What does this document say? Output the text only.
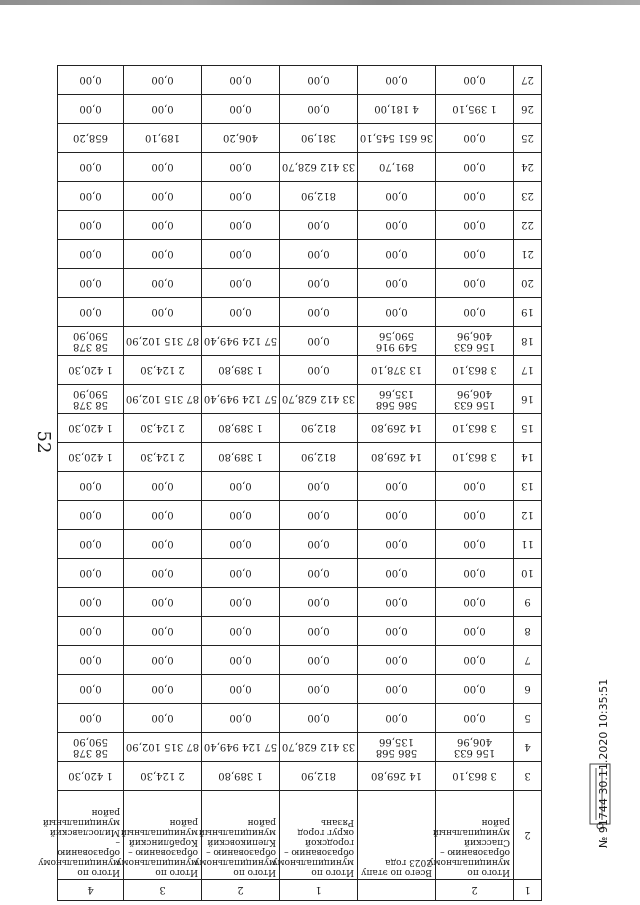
52
1	2		1	2	3	4
2	Итого по муниципальному образованию – Спасский муниципальный район	Всего по этапу 2023 года	Итого по муниципальному образованию – городской округ город Рязань	Итого по муниципальному образованию – Клепиковский муниципальный район	Итого по муниципальному образованию – Кораблинский муниципальный район	Итого по муниципальному образованию – Милославский муниципальный район
3	3 863,10	14 269,80	812,90	1 389,80	2 124,30	1 420,30
4	156 633 406,96	586 568 135,66	33 412 628,70	57 124 949,40	87 315 102,90	58 378 590,90
5	0,00	0,00	0,00	0,00	0,00	0,00
6	0,00	0,00	0,00	0,00	0,00	0,00
7	0,00	0,00	0,00	0,00	0,00	0,00
8	0,00	0,00	0,00	0,00	0,00	0,00
9	0,00	0,00	0,00	0,00	0,00	0,00
10	0,00	0,00	0,00	0,00	0,00	0,00
11	0,00	0,00	0,00	0,00	0,00	0,00
12	0,00	0,00	0,00	0,00	0,00	0,00
13	0,00	0,00	0,00	0,00	0,00	0,00
14	3 863,10	14 269,80	812,90	1 389,80	2 124,30	1 420,30
15	3 863,10	14 269,80	812,90	1 389,80	2 124,30	1 420,30
16	156 633 406,96	586 568 135,66	33 412 628,70	57 124 949,40	87 315 102,90	58 378 590,90
17	3 863,10	13 378,10	0,00	1 389,80	2 124,30	1 420,30
18	156 633 406,96	549 916 590,56	0,00	57 124 949,40	87 315 102,90	58 378 590,90
19	0,00	0,00	0,00	0,00	0,00	0,00
20	0,00	0,00	0,00	0,00	0,00	0,00
21	0,00	0,00	0,00	0,00	0,00	0,00
22	0,00	0,00	0,00	0,00	0,00	0,00
23	0,00	0,00	812,90	0,00	0,00	0,00
24	0,00	891,70	33 412 628,70	0,00	0,00	0,00
25	0,00	36 651 545,10	381,90	406,20	189,10	658,20
26	1 395,10	4 181,00	0,00	0,00	0,00	0,00
27	0,00	0,00	0,00	0,00	0,00	0,00
№ 91744 30.11.2020 10:35:51
